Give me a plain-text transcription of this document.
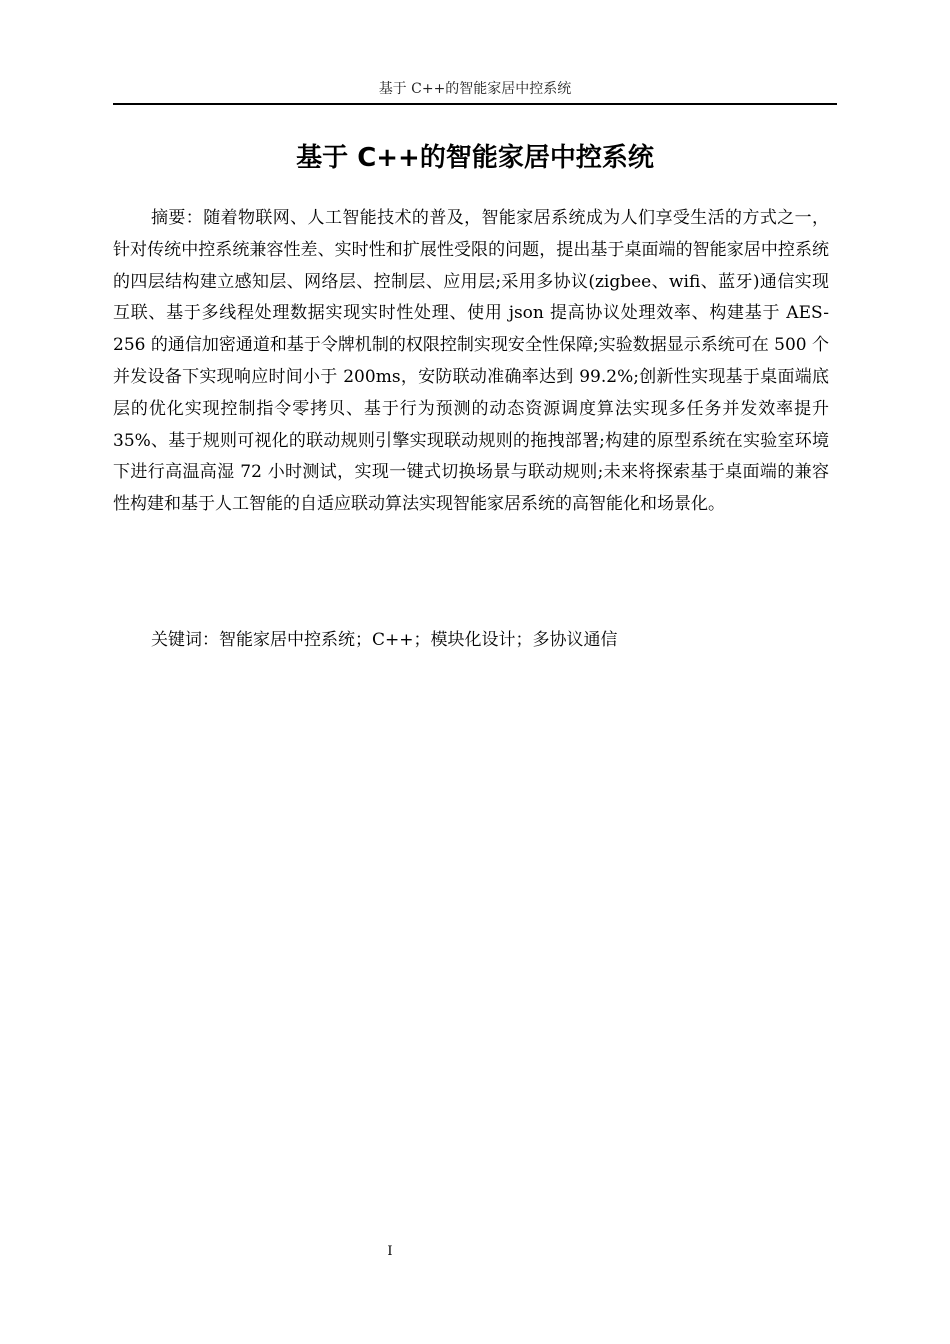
基于 C++的智能家居中控系统
基于 C++的智能家居中控系统

摘要：随着物联网、人工智能技术的普及，智能家居系统成为人们享受生活的方式之一，针对传统中控系统兼容性差、实时性和扩展性受限的问题，提出基于桌面端的智能家居中控系统的四层结构建立感知层、网络层、控制层、应用层;采用多协议(zigbee、wifi、蓝牙)通信实现互联、基于多线程处理数据实现实时性处理、使用 json 提高协议处理效率、构建基于 AES-256 的通信加密通道和基于令牌机制的权限控制实现安全性保障;实验数据显示系统可在 500 个并发设备下实现响应时间小于 200ms，安防联动准确率达到 99.2%;创新性实现基于桌面端底层的优化实现控制指令零拷贝、基于行为预测的动态资源调度算法实现多任务并发效率提升 35%、基于规则可视化的联动规则引擎实现联动规则的拖拽部署;构建的原型系统在实验室环境下进行高温高湿 72 小时测试，实现一键式切换场景与联动规则;未来将探索基于桌面端的兼容性构建和基于人工智能的自适应联动算法实现智能家居系统的高智能化和场景化。

关键词：智能家居中控系统；C++；模块化设计；多协议通信

I
